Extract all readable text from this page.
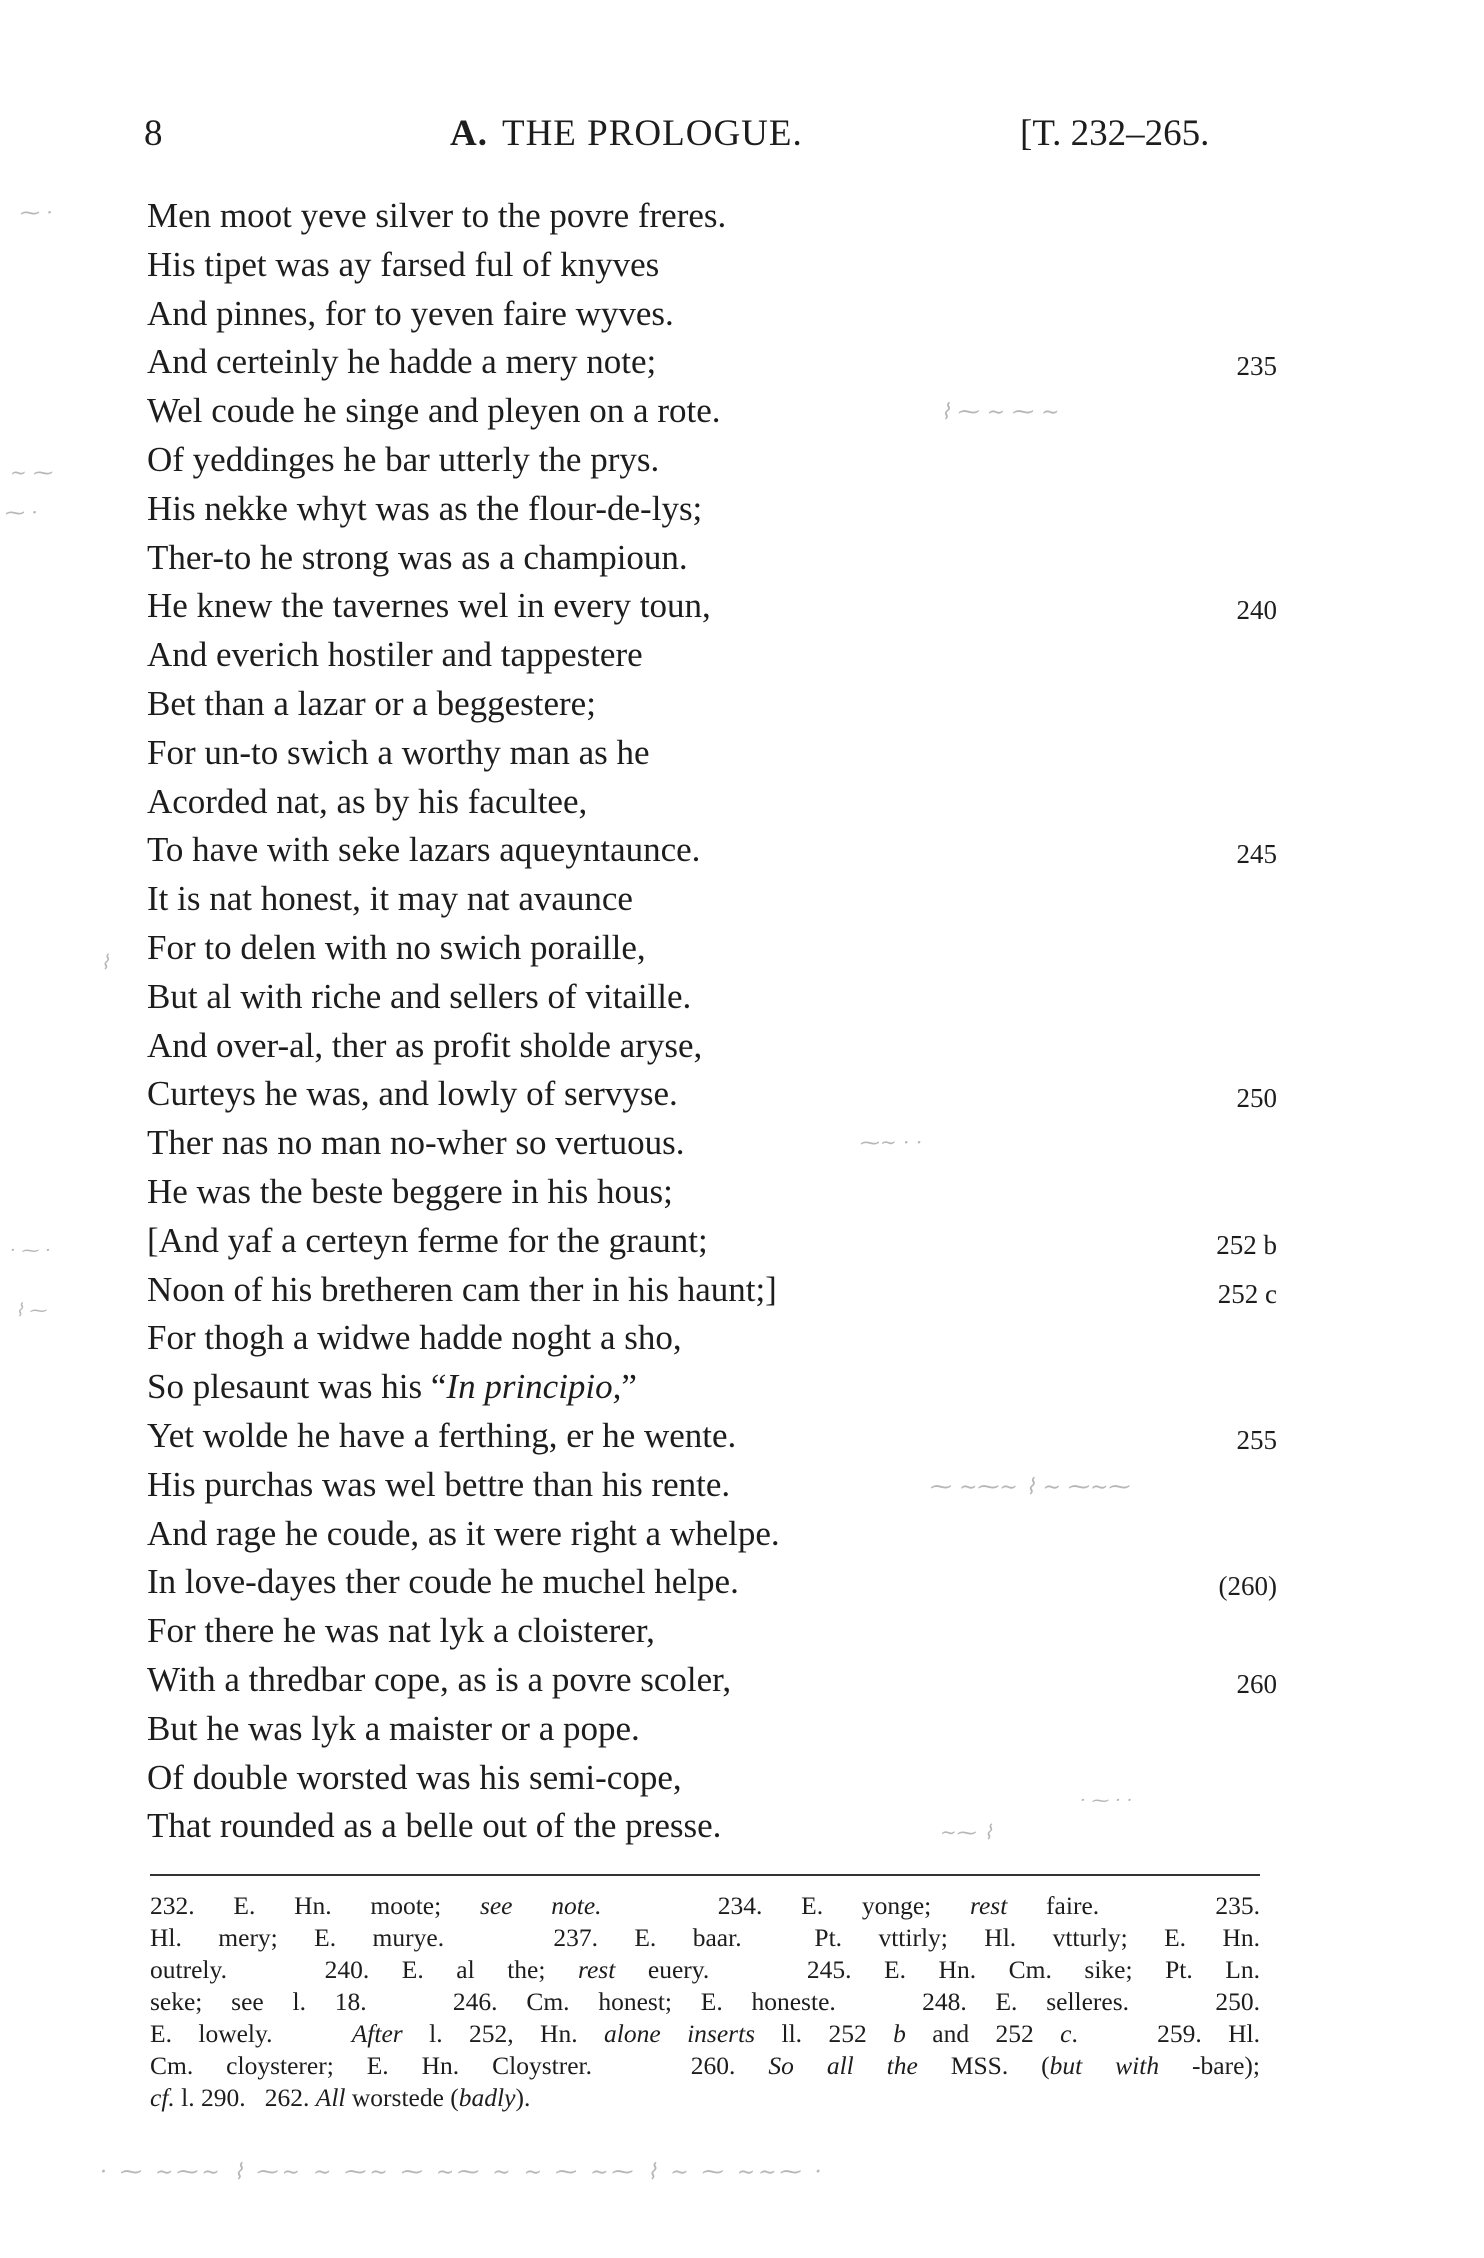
8	A. THE PROLOGUE.	[T. 232–265.
Men moot yeve silver to the povre freres.
His tipet was ay farsed ful of knyves
And pinnes, for to yeven faire wyves.
And certeinly he hadde a mery note;	235
Wel coude he singe and pleyen on a rote.
Of yeddinges he bar utterly the prys.
His nekke whyt was as the flour-de-lys;
Ther-to he strong was as a champioun.
He knew the tavernes wel in every toun,	240
And everich hostiler and tappestere
Bet than a lazar or a beggestere;
For un-to swich a worthy man as he
Acorded nat, as by his facultee,
To have with seke lazars aqueyntaunce.	245
It is nat honest, it may nat avaunce
For to delen with no swich poraille,
But al with riche and sellers of vitaille.
And over-al, ther as profit sholde aryse,
Curteys he was, and lowly of servyse.	250
Ther nas no man no-wher so vertuous.
He was the beste beggere in his hous;
[And yaf a certeyn ferme for the graunt;	252 b
Noon of his bretheren cam ther in his haunt;]	252 c
For thogh a widwe hadde noght a sho,
So plesaunt was his “In principio,”
Yet wolde he have a ferthing, er he wente.	255
His purchas was wel bettre than his rente.
And rage he coude, as it were right a whelpe.
In love-dayes ther coude he muchel helpe.	(260)
For there he was nat lyk a cloisterer,
With a thredbar cope, as is a povre scoler,	260
But he was lyk a maister or a pope.
Of double worsted was his semi-cope,
That rounded as a belle out of the presse.
232. E. Hn. moote; see note.   234. E. yonge; rest faire.   235.
Hl. mery; E. murye.   237. E. baar.  Pt. vttirly; Hl. vtturly; E. Hn.
outrely.   240. E. al the; rest euery.   245. E. Hn. Cm. sike; Pt. Ln.
seke; see l. 18.   246. Cm. honest; E. honeste.   248. E. selleres.   250.
E. lowely.   After l. 252, Hn. alone inserts ll. 252 b and 252 c.   259. Hl.
Cm. cloysterer; E. Hn. Cloystrer.   260. So all the MSS. (but with -bare);
cf. l. 290.   262. All worstede (badly).
⁓ ·
~ ⁓
⁓ ·
⌇ ⁓ ∼ ⁓ ∼
⌇
⁓∼ · ·
· ⁓ ·
⌇ ⁓
⁓ ∼⁓∼ ⌇ ∼ ⁓∼⁓
· ⁓ · ·
∼⁓ ⌇
· ⁓ ∼⁓∼ ⌇ ⁓∼ ∼ ⁓∼ ⁓ ∼⁓ ∼ ∼ ⁓ ∼⁓ ⌇ ∼ ⁓ ∼∼⁓ ·
